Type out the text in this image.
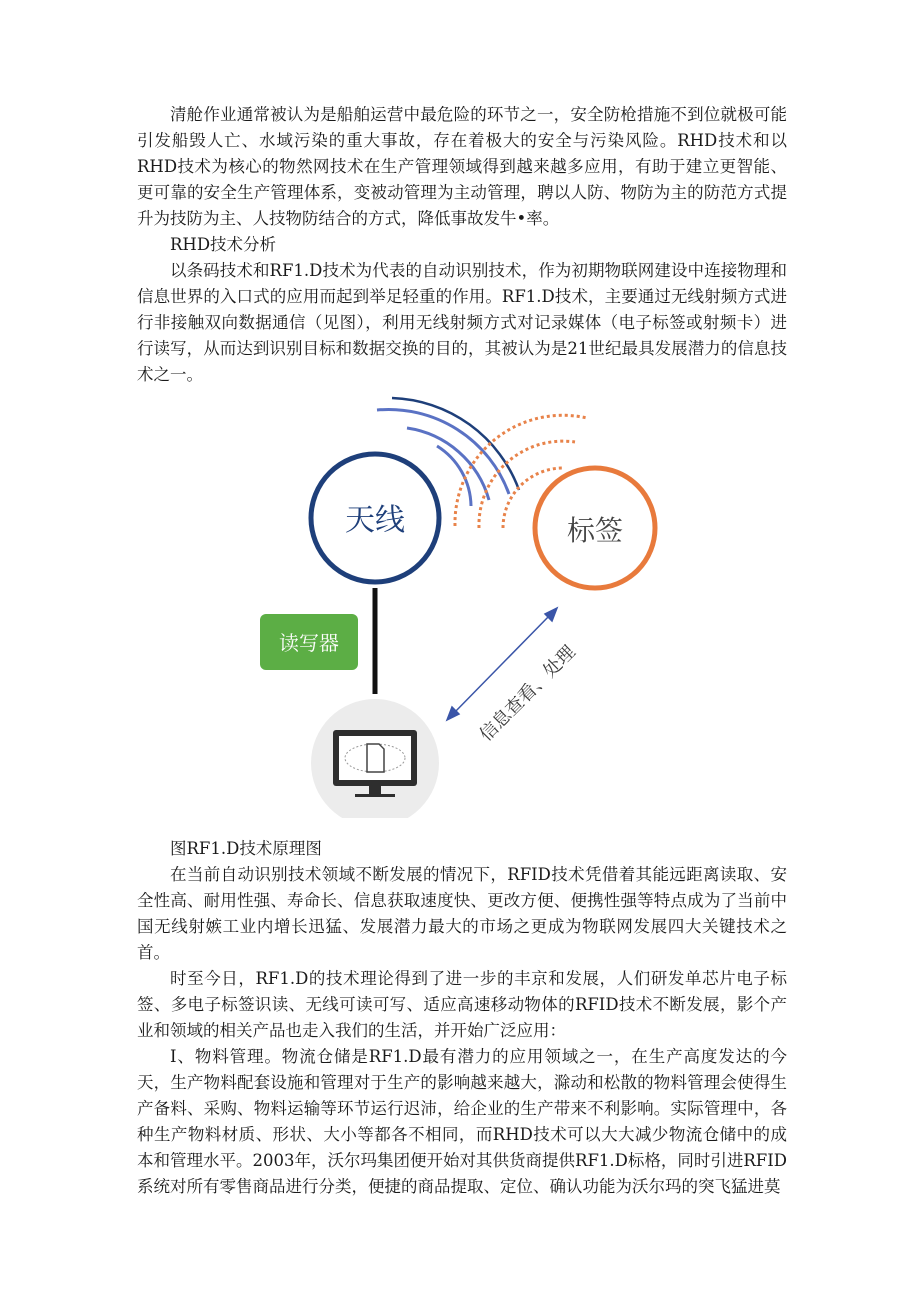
清舱作业通常被认为是船舶运营中最危险的环节之一，安全防枪措施不到位就极可能引发船毁人亡、水域污染的重大事故，存在着极大的安全与污染风险。RHD技术和以RHD技术为核心的物然网技术在生产管理领域得到越来越多应用，有助于建立更智能、更可靠的安全生产管理体系，变被动管理为主动管理，聘以人防、物防为主的防范方式提升为技防为主、人技物防结合的方式，降低事故发牛•率。

RHD技术分析

以条码技术和RF1.D技术为代表的自动识别技术，作为初期物联网建设中连接物理和信息世界的入口式的应用而起到举足轻重的作用。RF1.D技术，主要通过无线射频方式进行非接触双向数据通信（见图），利用无线射频方式对记录媒体（电子标签或射频卡）进行读写，从而达到识别目标和数据交换的目的，其被认为是21世纪最具发展潜力的信息技术之一。

天线	标签
读写器	信息查看、处理

图RF1.D技术原理图

在当前自动识别技术领域不断发展的情况下，RFID技术凭借着其能远距离读取、安全性高、耐用性强、寿命长、信息获取速度快、更改方便、便携性强等特点成为了当前中国无线射嫉工业内增长迅猛、发展潜力最大的市场之更成为物联网发展四大关键技术之首。

时至今日，RF1.D的技术理论得到了进一步的丰京和发展，人们研发单芯片电子标签、多电子标签识读、无线可读可写、适应高速移动物体的RFID技术不断发展，影个产业和领域的相关产品也走入我们的生活，并开始广泛应用：

I、物料管理。物流仓储是RF1.D最有潜力的应用领域之一，在生产高度发达的今天，生产物料配套设施和管理对于生产的影响越来越大，滁动和松散的物料管理会使得生产备料、采购、物料运输等环节运行迟沛，给企业的生产带来不利影响。实际管理中，各种生产物料材质、形状、大小等都各不相同，而RHD技术可以大大减少物流仓储中的成本和管理水平。2003年，沃尔玛集团便开始对其供货商提供RF1.D标格，同时引进RFID系统对所有零售商品进行分类，便捷的商品提取、定位、确认功能为沃尔玛的突飞猛进莫
